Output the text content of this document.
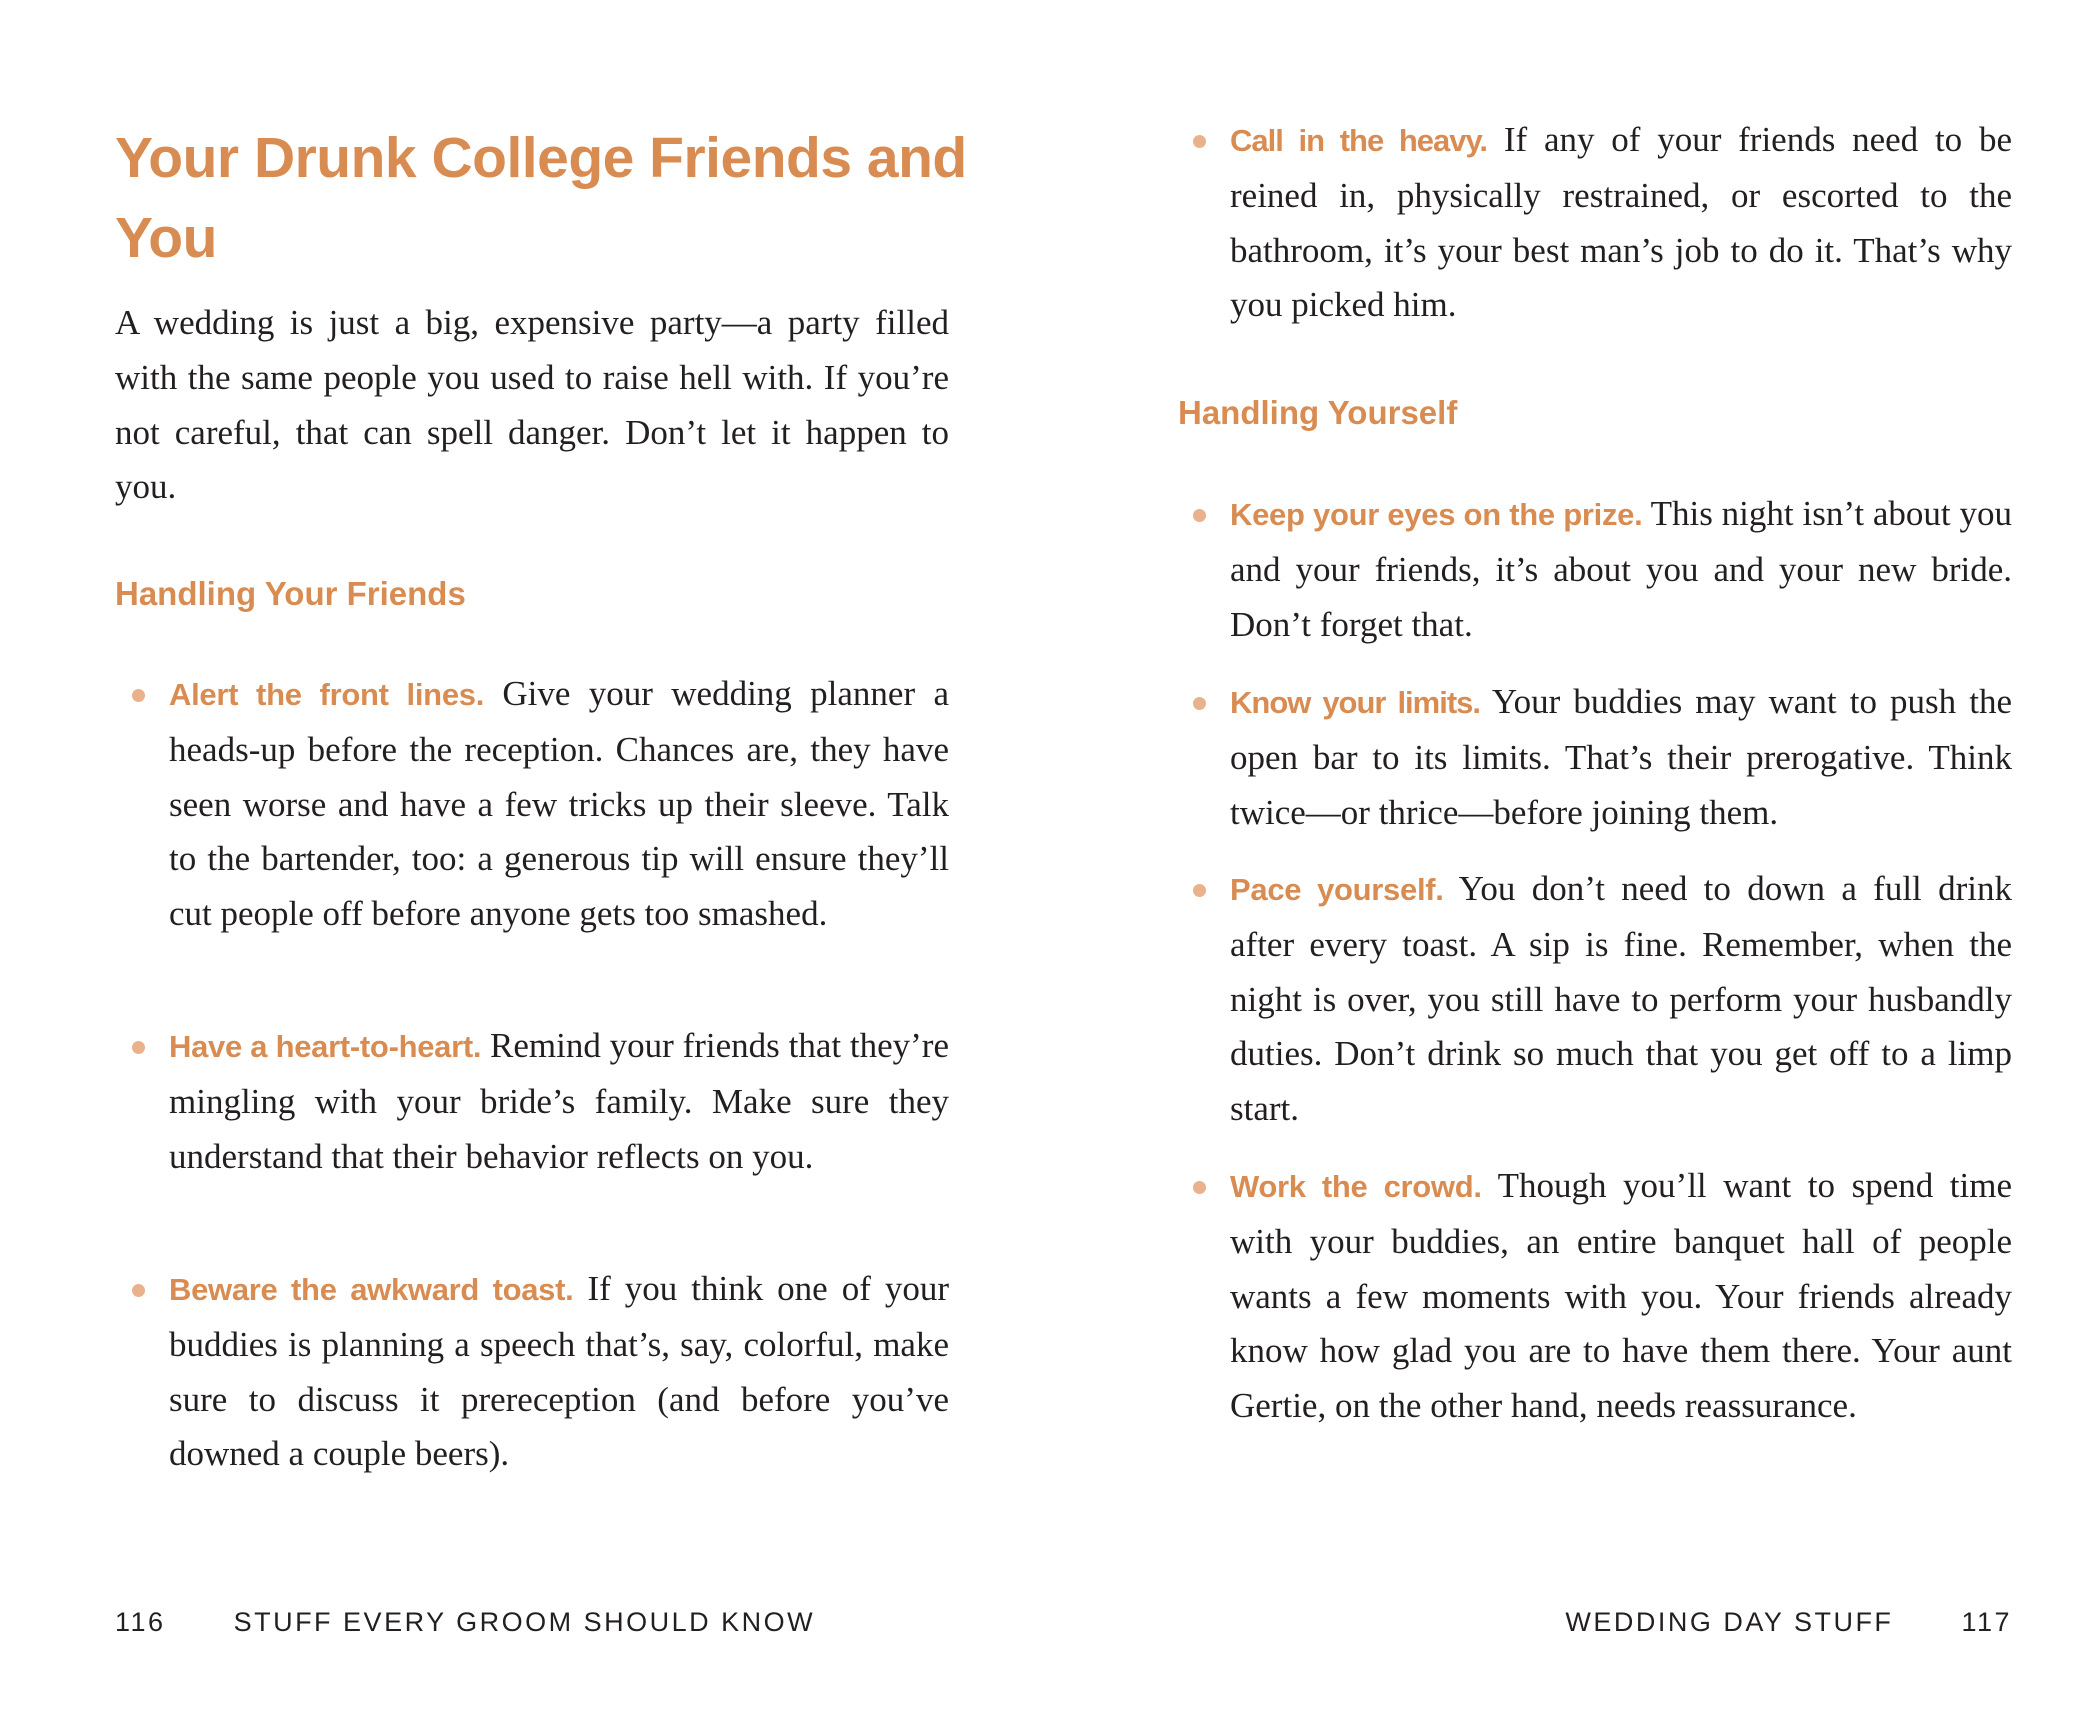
Your Drunk College Friends and You

A wedding is just a big, expensive party—a party filled with the same people you used to raise hell with. If you’re not careful, that can spell danger. Don’t let it happen to you.

Handling Your Friends

Alert the front lines. Give your wedding planner a heads-up before the reception. Chances are, they have seen worse and have a few tricks up their sleeve. Talk to the bartender, too: a generous tip will ensure they’ll cut people off before anyone gets too smashed.

Have a heart-to-heart. Remind your friends that they’re mingling with your bride’s family. Make sure they understand that their behavior reflects on you.

Beware the awkward toast. If you think one of your buddies is planning a speech that’s, say, colorful, make sure to discuss it prereception (and before you’ve downed a couple beers).

116	STUFF EVERY GROOM SHOULD KNOW

Call in the heavy. If any of your friends need to be reined in, physically restrained, or escorted to the bathroom, it’s your best man’s job to do it. That’s why you picked him.

Handling Yourself

Keep your eyes on the prize. This night isn’t about you and your friends, it’s about you and your new bride. Don’t forget that.

Know your limits. Your buddies may want to push the open bar to its limits. That’s their prerogative. Think twice—or thrice—before joining them.

Pace yourself. You don’t need to down a full drink after every toast. A sip is fine. Remember, when the night is over, you still have to perform your husbandly duties. Don’t drink so much that you get off to a limp start.

Work the crowd. Though you’ll want to spend time with your buddies, an entire banquet hall of people wants a few moments with you. Your friends already know how glad you are to have them there. Your aunt Gertie, on the other hand, needs reassurance.

WEDDING DAY STUFF	117
